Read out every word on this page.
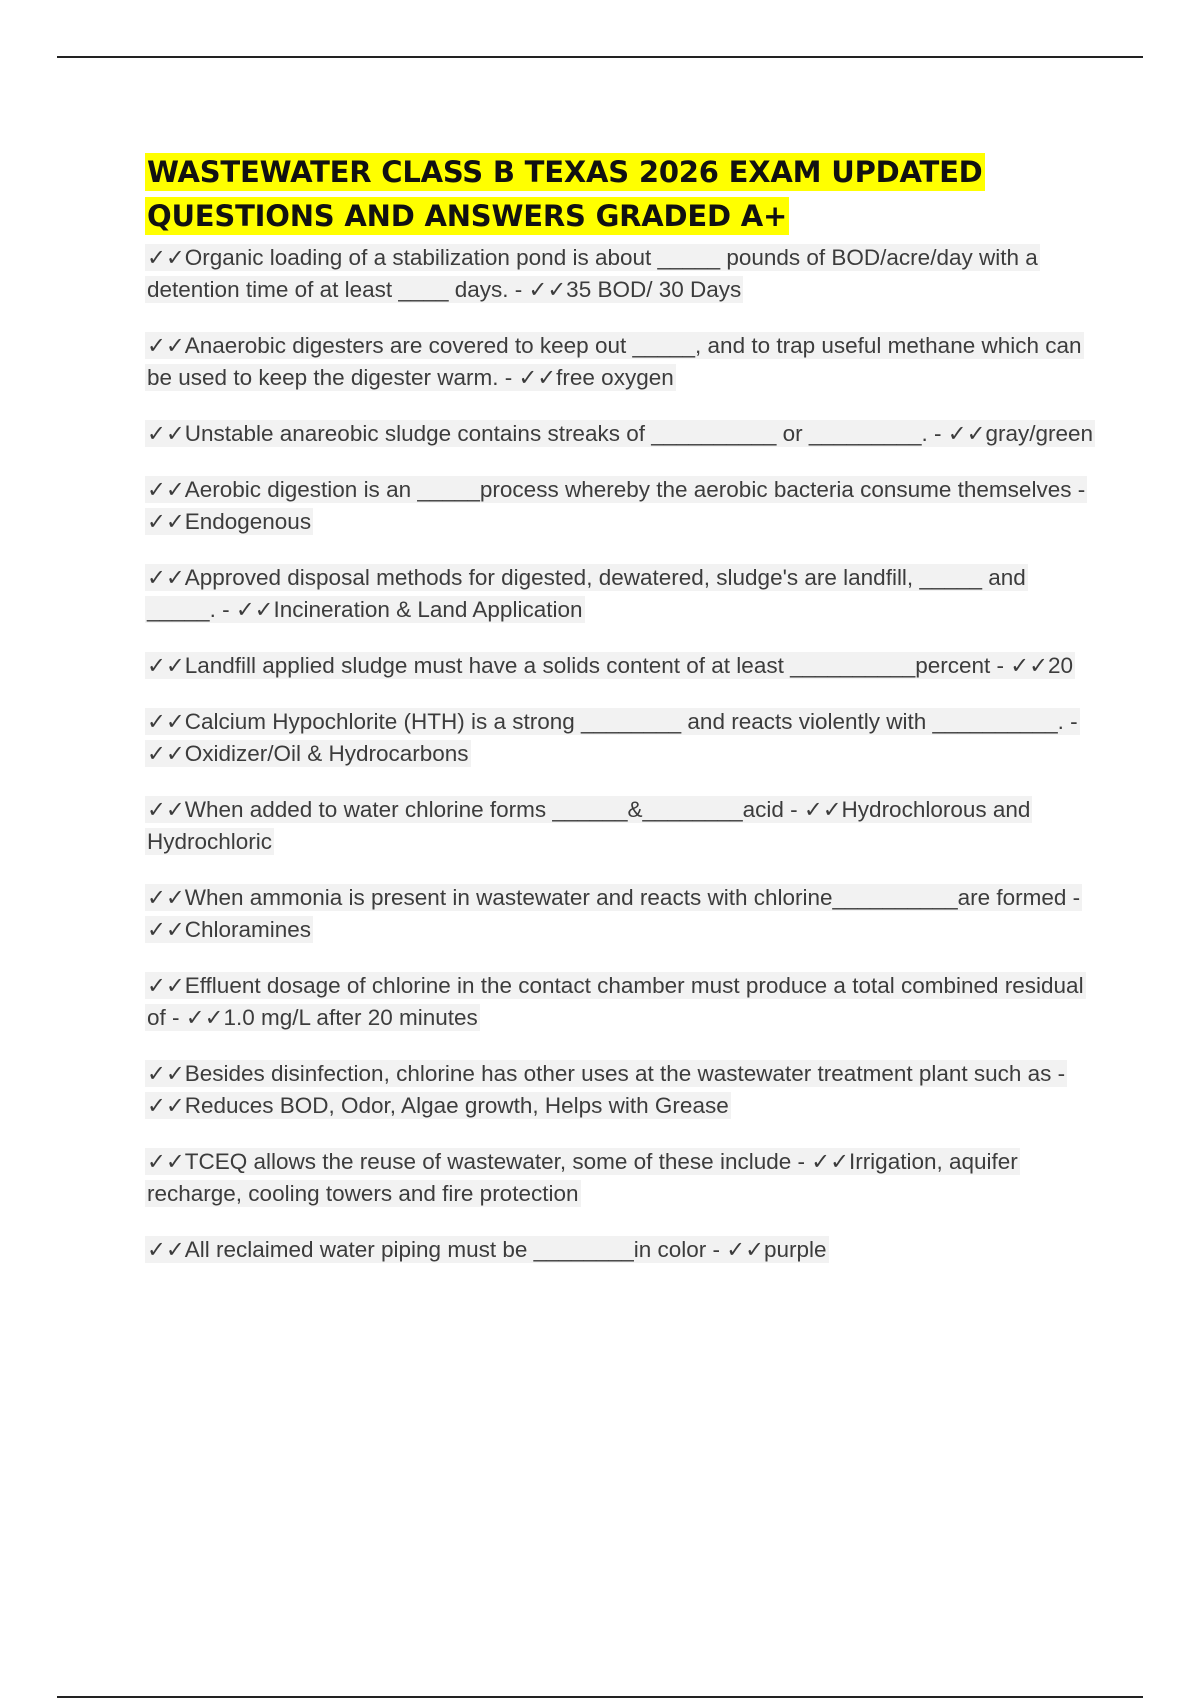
WASTEWATER CLASS B TEXAS 2026 EXAM UPDATED QUESTIONS AND ANSWERS GRADED A+

✓✓Organic loading of a stabilization pond is about _____ pounds of BOD/acre/day with a detention time of at least ____ days. - ✓✓35 BOD/ 30 Days

✓✓Anaerobic digesters are covered to keep out _____, and to trap useful methane which can be used to keep the digester warm. - ✓✓free oxygen

✓✓Unstable anareobic sludge contains streaks of __________ or _________. - ✓✓gray/green

✓✓Aerobic digestion is an _____process whereby the aerobic bacteria consume themselves - ✓✓Endogenous

✓✓Approved disposal methods for digested, dewatered, sludge's are landfill, _____ and _____. - ✓✓Incineration & Land Application

✓✓Landfill applied sludge must have a solids content of at least __________percent - ✓✓20

✓✓Calcium Hypochlorite (HTH) is a strong ________ and reacts violently with __________. - ✓✓Oxidizer/Oil & Hydrocarbons

✓✓When added to water chlorine forms ______&________acid - ✓✓Hydrochlorous and Hydrochloric

✓✓When ammonia is present in wastewater and reacts with chlorine__________are formed - ✓✓Chloramines

✓✓Effluent dosage of chlorine in the contact chamber must produce a total combined residual of - ✓✓1.0 mg/L after 20 minutes

✓✓Besides disinfection, chlorine has other uses at the wastewater treatment plant such as - ✓✓Reduces BOD, Odor, Algae growth, Helps with Grease

✓✓TCEQ allows the reuse of wastewater, some of these include - ✓✓Irrigation, aquifer recharge, cooling towers and fire protection

✓✓All reclaimed water piping must be ________in color - ✓✓purple
